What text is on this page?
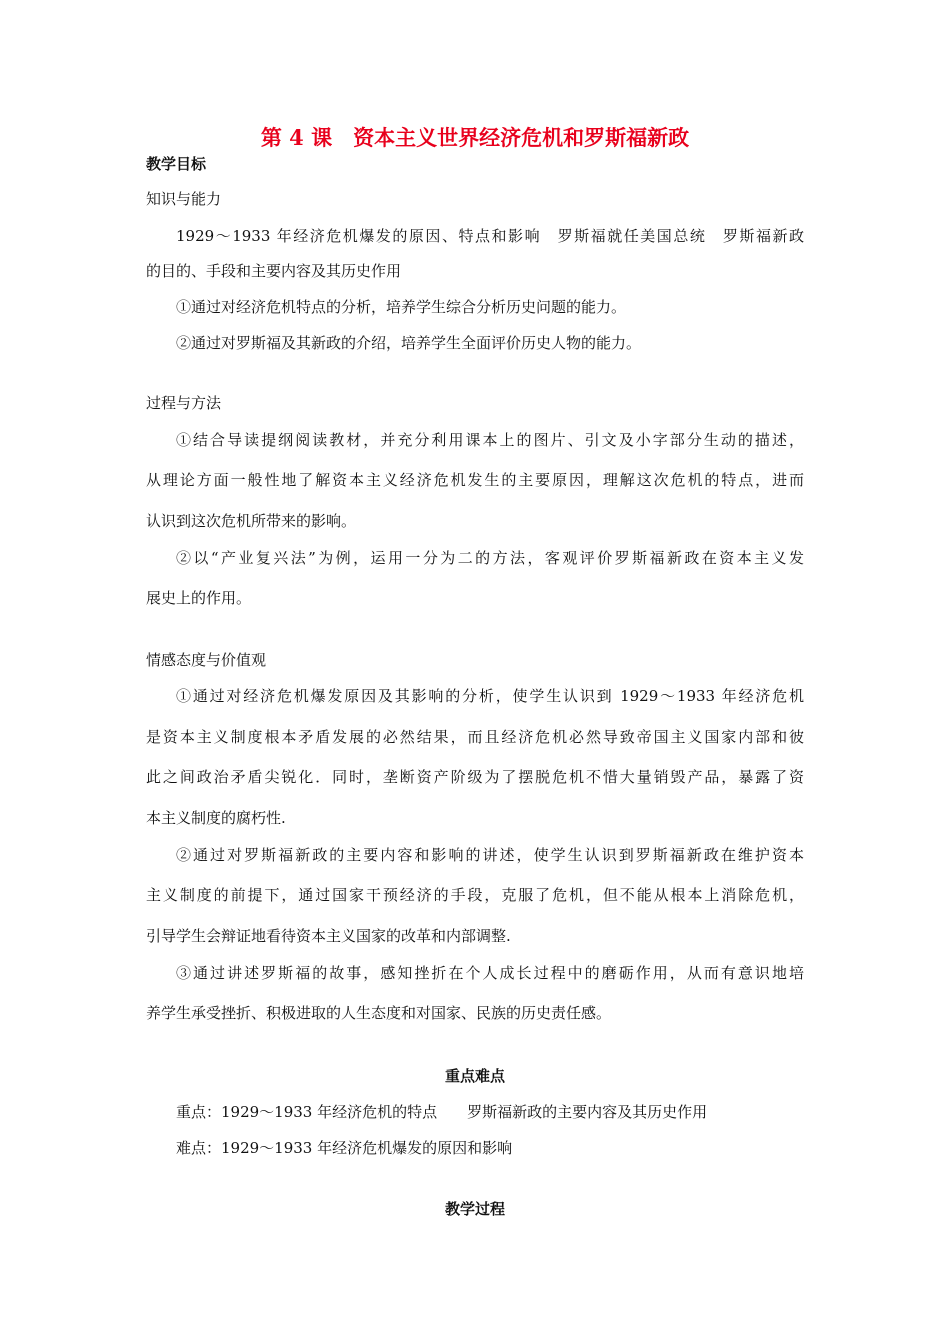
第 4 课　资本主义世界经济危机和罗斯福新政
教学目标
知识与能力
1929～1933 年经济危机爆发的原因、特点和影响　罗斯福就任美国总统　罗斯福新政
的目的、手段和主要内容及其历史作用
①通过对经济危机特点的分析，培养学生综合分析历史问题的能力。
②通过对罗斯福及其新政的介绍，培养学生全面评价历史人物的能力。
过程与方法
①结合导读提纲阅读教材，并充分利用课本上的图片、引文及小字部分生动的描述，
从理论方面一般性地了解资本主义经济危机发生的主要原因，理解这次危机的特点，进而
认识到这次危机所带来的影响。
②以“产业复兴法”为例，运用一分为二的方法，客观评价罗斯福新政在资本主义发
展史上的作用。
情感态度与价值观
①通过对经济危机爆发原因及其影响的分析，使学生认识到 1929～1933 年经济危机
是资本主义制度根本矛盾发展的必然结果，而且经济危机必然导致帝国主义国家内部和彼
此之间政治矛盾尖锐化．同时，垄断资产阶级为了摆脱危机不惜大量销毁产品，暴露了资
本主义制度的腐朽性.
②通过对罗斯福新政的主要内容和影响的讲述，使学生认识到罗斯福新政在维护资本
主义制度的前提下，通过国家干预经济的手段，克服了危机，但不能从根本上消除危机，
引导学生会辩证地看待资本主义国家的改革和内部调整.
③通过讲述罗斯福的故事，感知挫折在个人成长过程中的磨砺作用，从而有意识地培
养学生承受挫折、积极进取的人生态度和对国家、民族的历史责任感。
重点难点
重点：1929～1933 年经济危机的特点　　罗斯福新政的主要内容及其历史作用
难点：1929～1933 年经济危机爆发的原因和影响
教学过程
